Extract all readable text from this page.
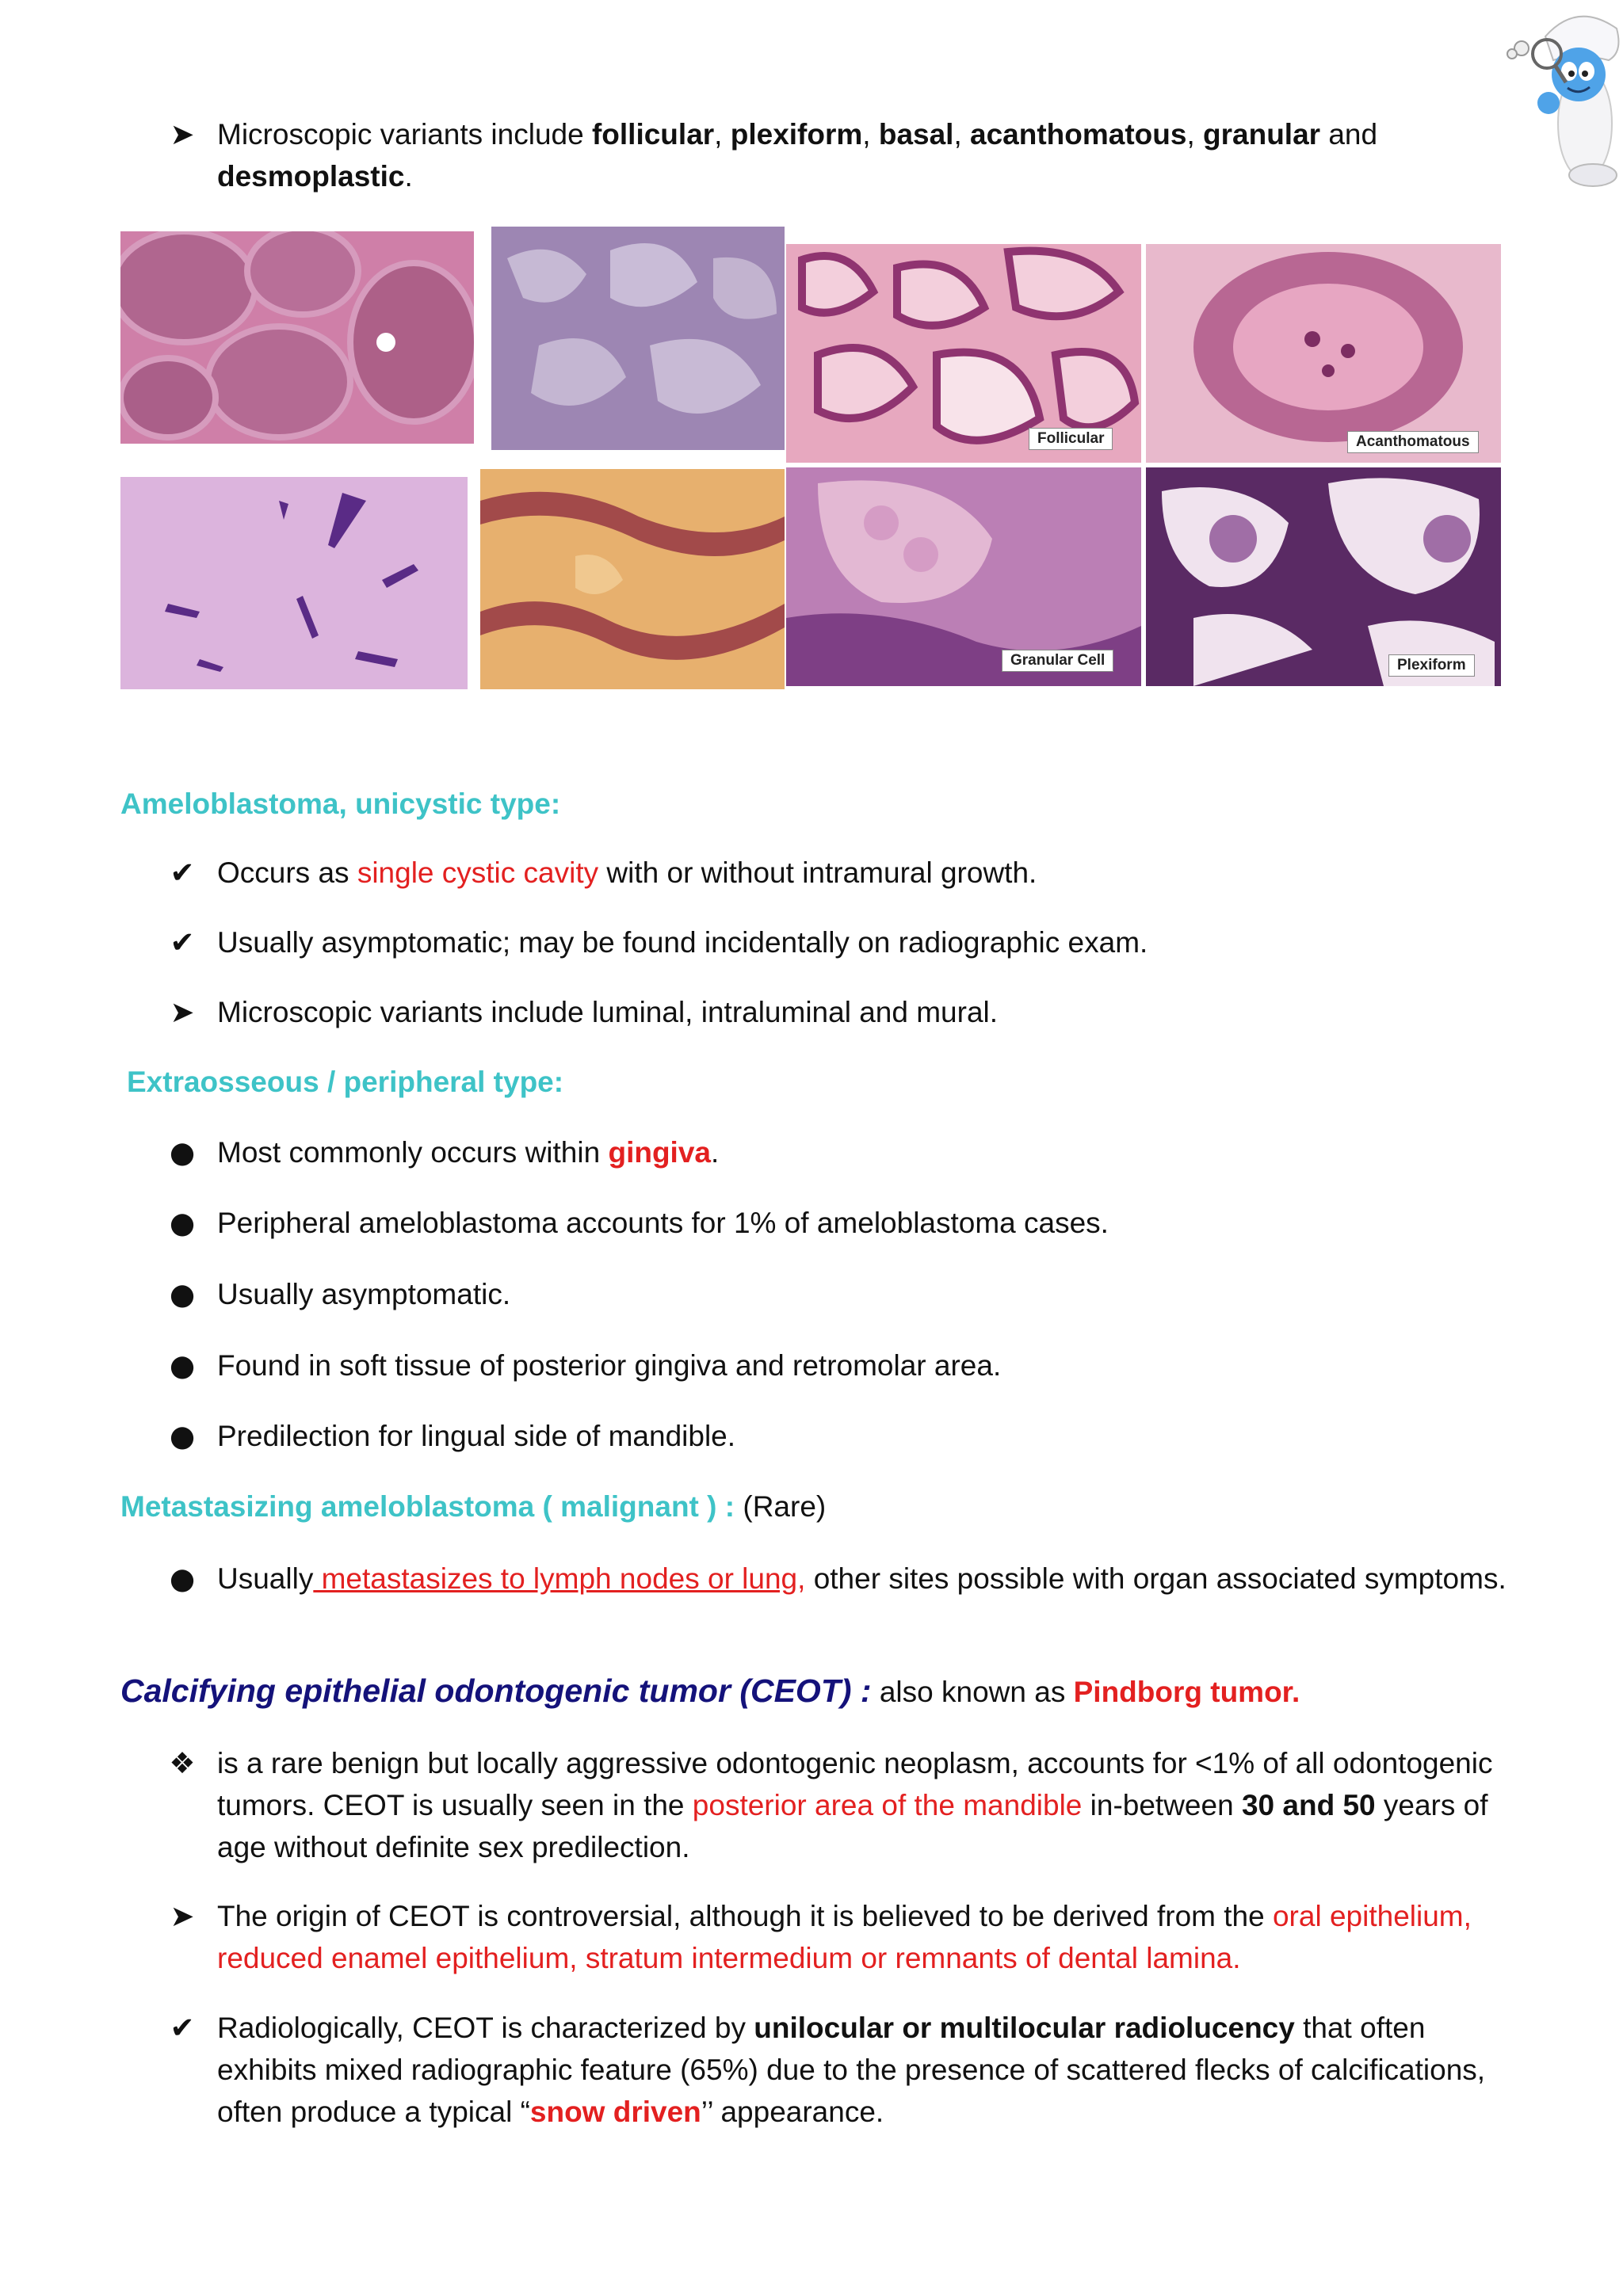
➤ Microscopic variants include follicular, plexiform, basal, acanthomatous, granular and desmoplastic.
Follicular	Acanthomatous
Granular Cell	Plexiform
Ameloblastoma, unicystic type:
✔ Occurs as single cystic cavity with or without intramural growth.
✔ Usually asymptomatic; may be found incidentally on radiographic exam.
➤ Microscopic variants include luminal, intraluminal and mural.
Extraosseous / peripheral type:
● Most commonly occurs within gingiva.
● Peripheral ameloblastoma accounts for 1% of ameloblastoma cases.
● Usually asymptomatic.
● Found in soft tissue of posterior gingiva and retromolar area.
● Predilection for lingual side of mandible.
Metastasizing ameloblastoma ( malignant ) : (Rare)
● Usually metastasizes to lymph nodes or lung, other sites possible with organ associated symptoms.
Calcifying epithelial odontogenic tumor (CEOT) : also known as Pindborg tumor.
❖ is a rare benign but locally aggressive odontogenic neoplasm, accounts for <1% of all odontogenic tumors. CEOT is usually seen in the posterior area of the mandible in-between 30 and 50 years of age without definite sex predilection.
➤ The origin of CEOT is controversial, although it is believed to be derived from the oral epithelium, reduced enamel epithelium, stratum intermedium or remnants of dental lamina.
✔ Radiologically, CEOT is characterized by unilocular or multilocular radiolucency that often exhibits mixed radiographic feature (65%) due to the presence of scattered flecks of calcifications, often produce a typical “snow driven’’ appearance.
